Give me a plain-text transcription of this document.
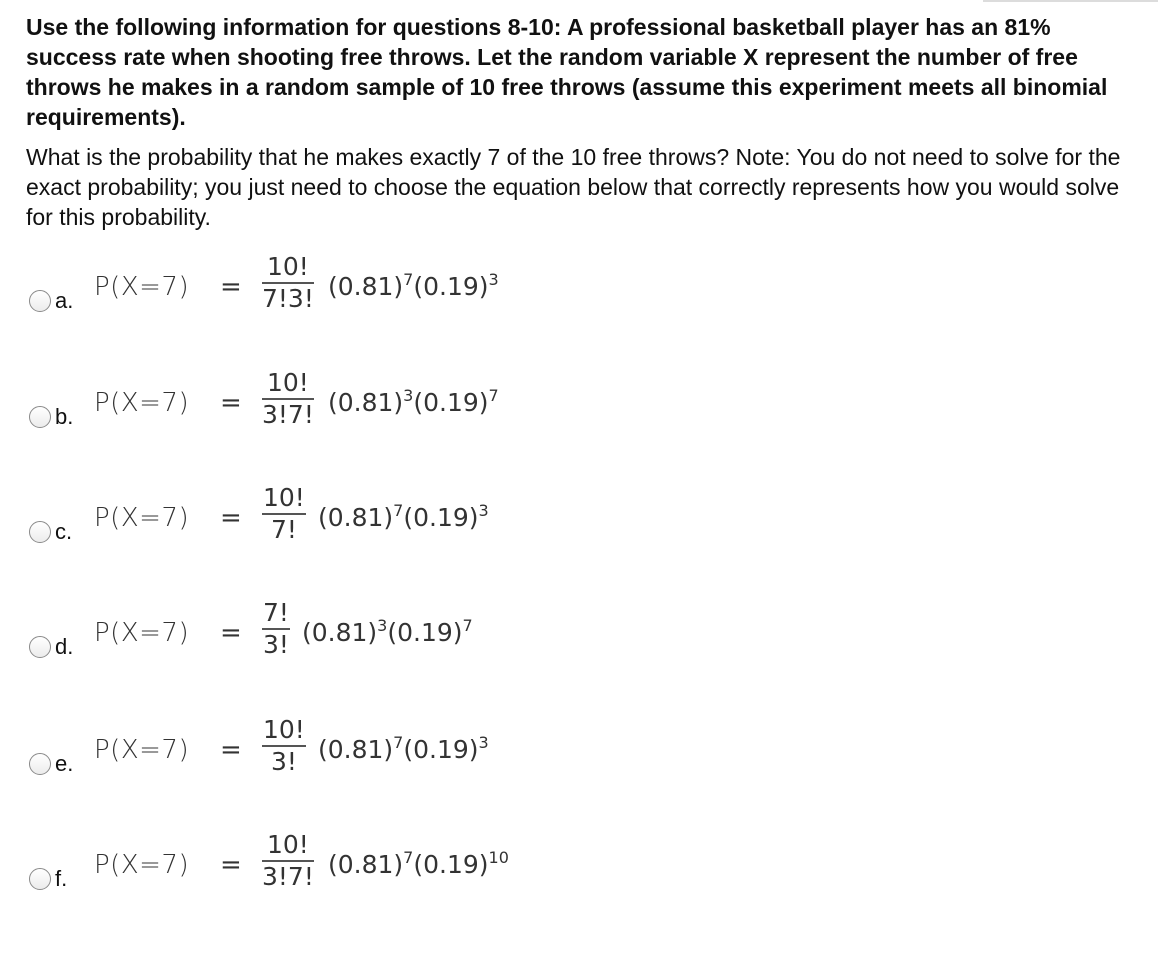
Use the following information for questions 8-10: A professional basketball player has an 81% success rate when shooting free throws. Let the random variable X represent the number of free throws he makes in a random sample of 10 free throws (assume this experiment meets all binomial requirements).

What is the probability that he makes exactly 7 of the 10 free throws? Note: You do not need to solve for the exact probability; you just need to choose the equation below that correctly represents how you would solve for this probability.

a. P(X=7) =
10!
7!3! $(0.81)^7(0.19)^3$
b. P(X=7) =
10!
3!7! $(0.81)^3(0.19)^7$
c. P(X=7) =
10!
7! $(0.81)^7(0.19)^3$
d. P(X=7) =
7!
3! $(0.81)^3(0.19)^7$
e. P(X=7) =
10!
3! $(0.81)^7(0.19)^3$
f. P(X=7) =
10!
3!7! $(0.81)^7(0.19)^{10}$
